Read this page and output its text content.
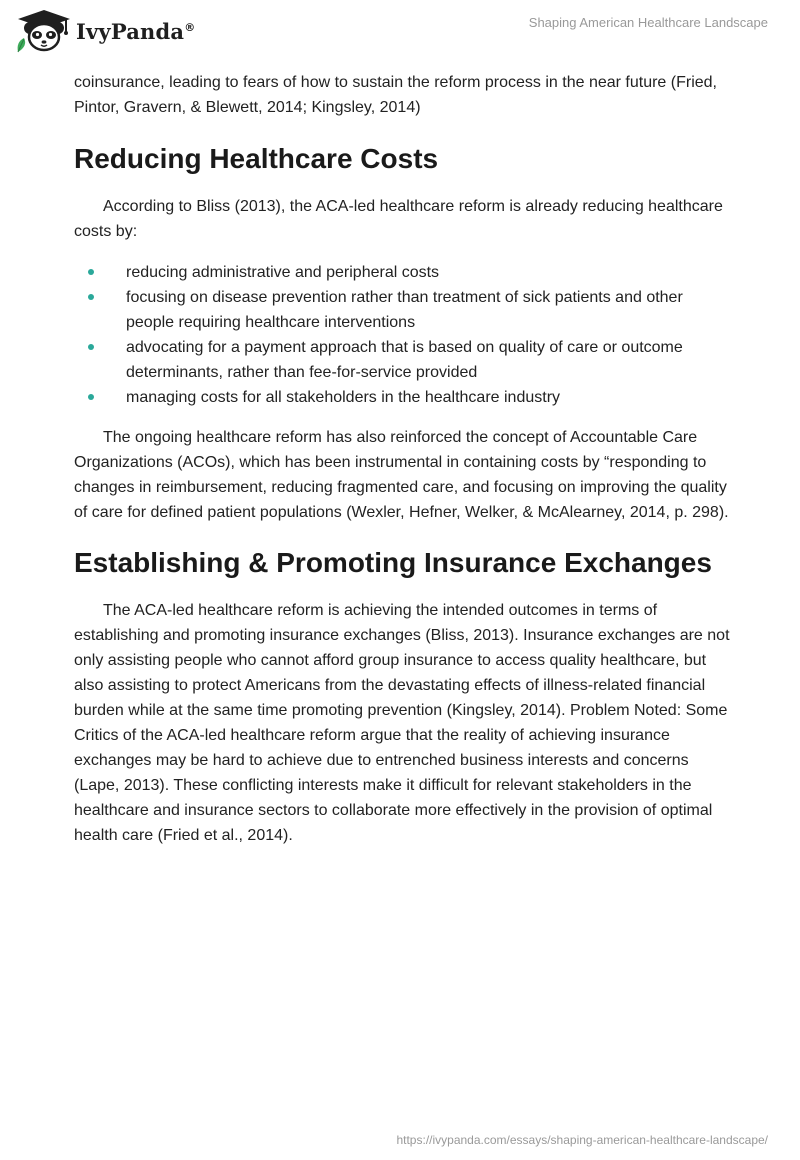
IvyPanda®	Shaping American Healthcare Landscape

coinsurance, leading to fears of how to sustain the reform process in the near future (Fried, Pintor, Gravern, & Blewett, 2014; Kingsley, 2014)

Reducing Healthcare Costs

According to Bliss (2013), the ACA-led healthcare reform is already reducing healthcare costs by:

reducing administrative and peripheral costs
focusing on disease prevention rather than treatment of sick patients and other people requiring healthcare interventions
advocating for a payment approach that is based on quality of care or outcome determinants, rather than fee-for-service provided
managing costs for all stakeholders in the healthcare industry

The ongoing healthcare reform has also reinforced the concept of Accountable Care Organizations (ACOs), which has been instrumental in containing costs by “responding to changes in reimbursement, reducing fragmented care, and focusing on improving the quality of care for defined patient populations (Wexler, Hefner, Welker, & McAlearney, 2014, p. 298).

Establishing & Promoting Insurance Exchanges

The ACA-led healthcare reform is achieving the intended outcomes in terms of establishing and promoting insurance exchanges (Bliss, 2013). Insurance exchanges are not only assisting people who cannot afford group insurance to access quality healthcare, but also assisting to protect Americans from the devastating effects of illness-related financial burden while at the same time promoting prevention (Kingsley, 2014). Problem Noted: Some Critics of the ACA-led healthcare reform argue that the reality of achieving insurance exchanges may be hard to achieve due to entrenched business interests and concerns (Lape, 2013). These conflicting interests make it difficult for relevant stakeholders in the healthcare and insurance sectors to collaborate more effectively in the provision of optimal health care (Fried et al., 2014).

https://ivypanda.com/essays/shaping-american-healthcare-landscape/
